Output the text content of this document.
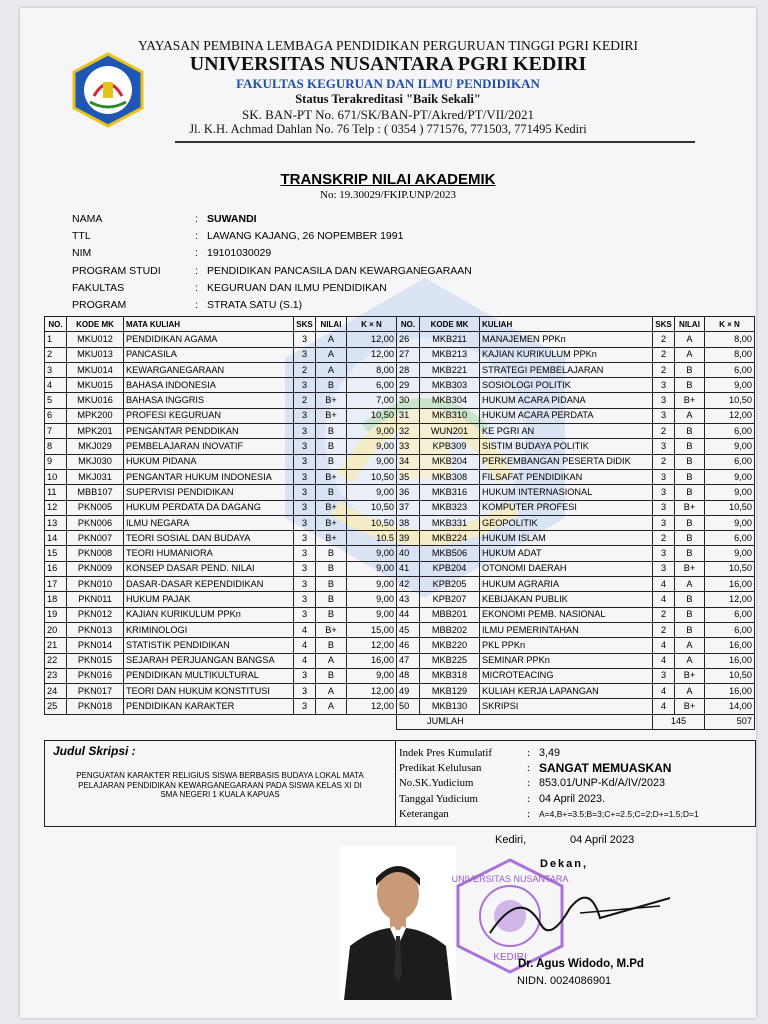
YAYASAN PEMBINA LEMBAGA PENDIDIKAN PERGURUAN TINGGI PGRI KEDIRI
UNIVERSITAS NUSANTARA PGRI KEDIRI
FAKULTAS KEGURUAN DAN ILMU PENDIDIKAN
Status Terakreditasi "Baik Sekali"
SK. BAN-PT No. 671/SK/BAN-PT/Akred/PT/VII/2021
Jl. K.H. Achmad Dahlan No. 76 Telp : ( 0354 ) 771576, 771503, 771495 Kediri
TRANSKRIP NILAI AKADEMIK
No: 19.30029/FKIP.UNP/2023
NAMA	: SUWANDI
TTL	: LAWANG KAJANG, 26 NOPEMBER 1991
NIM	: 19101030029
PROGRAM STUDI	: PENDIDIKAN PANCASILA DAN KEWARGANEGARAAN
FAKULTAS	: KEGURUAN DAN ILMU PENDIDIKAN
PROGRAM	: STRATA SATU (S.1)
NO.	KODE MK	MATA KULIAH	SKS	NILAI	K × N
1	MKU012	PENDIDIKAN AGAMA	3	A	12,00
2	MKU013	PANCASILA	3	A	12,00
3	MKU014	KEWARGANEGARAAN	2	A	8,00
4	MKU015	BAHASA INDONESIA	3	B	6,00
5	MKU016	BAHASA INGGRIS	2	B+	7,00
6	MPK200	PROFESI KEGURUAN	3	B+	10,50
7	MPK201	PENGANTAR PENDDIKAN	3	B	9,00
8	MKJ029	PEMBELAJARAN INOVATIF	3	B	9,00
9	MKJ030	HUKUM PIDANA	3	B	9,00
10	MKJ031	PENGANTAR HUKUM INDONESIA	3	B+	10,50
11	MBB107	SUPERVISI PENDIDIKAN	3	B	9,00
12	PKN005	HUKUM PERDATA DA DAGANG	3	B+	10,50
13	PKN006	ILMU NEGARA	3	B+	10,50
14	PKN007	TEORI SOSIAL DAN BUDAYA	3	B+	10.5
15	PKN008	TEORI HUMANIORA	3	B	9,00
16	PKN009	KONSEP DASAR PEND. NILAI	3	B	9,00
17	PKN010	DASAR-DASAR KEPENDIDIKAN	3	B	9,00
18	PKN011	HUKUM PAJAK	3	B	9,00
19	PKN012	KAJIAN KURIKULUM PPKn	3	B	9,00
20	PKN013	KRIMINOLOGI	4	B+	15,00
21	PKN014	STATISTIK PENDIDIKAN	4	B	12,00
22	PKN015	SEJARAH PERJUANGAN BANGSA	4	A	16,00
23	PKN016	PENDIDIKAN MULTIKULTURAL	3	B	9,00
24	PKN017	TEORI DAN HUKUM KONSTITUSI	3	A	12,00
25	PKN018	PENDIDIKAN KARAKTER	3	A	12,00
NO.	KODE MK	KULIAH	SKS	NILAI	K × N
26	MKB211	MANAJEMEN PPKn	2	A	8,00
27	MKB213	KAJIAN KURIKULUM PPKn	2	A	8,00
28	MKB221	STRATEGI PEMBELAJARAN	2	B	6,00
29	MKB303	SOSIOLOGI POLITIK	3	B	9,00
30	MKB304	HUKUM ACARA PIDANA	3	B+	10,50
31	MKB310	HUKUM ACARA PERDATA	3	A	12,00
32	WUN201	KE PGRI AN	2	B	6,00
33	KPB309	SISTIM BUDAYA POLITIK	3	B	9,00
34	MKB204	PERKEMBANGAN PESERTA DIDIK	2	B	6,00
35	MKB308	FILSAFAT PENDIDIKAN	3	B	9,00
36	MKB316	HUKUM INTERNASIONAL	3	B	9,00
37	MKB323	KOMPUTER PROFESI	3	B+	10,50
38	MKB331	GEOPOLITIK	3	B	9,00
39	MKB224	HUKUM ISLAM	2	B	6,00
40	MKB506	HUKUM ADAT	3	B	9,00
41	KPB204	OTONOMI DAERAH	3	B+	10,50
42	KPB205	HUKUM AGRARIA	4	A	16,00
43	KPB207	KEBIJAKAN PUBLIK	4	B	12,00
44	MBB201	EKONOMI PEMB. NASIONAL	2	B	6,00
45	MBB202	ILMU PEMERINTAHAN	2	B	6,00
46	MKB220	PKL PPKn	4	A	16,00
47	MKB225	SEMINAR PPKn	4	A	16,00
48	MKB318	MICROTEACING	3	B+	10,50
49	MKB129	KULIAH KERJA LAPANGAN	4	A	16,00
50	MKB130	SKRIPSI	4	B+	14,00
JUMLAH			145		507
Judul Skripsi :
PENGUATAN KARAKTER RELIGIUS SISWA BERBASIS BUDAYA LOKAL MATA PELAJARAN PENDIDIKAN KEWARGANEGARAAN PADA SISWA KELAS XI DI SMA NEGERI 1 KUALA KAPUAS
Indek Pres Kumulatif	: 3,49
Predikat Kelulusan	: SANGAT MEMUASKAN
No.SK.Yudicium	: 853.01/UNP-Kd/A/IV/2023
Tanggal Yudicium	: 04 April 2023.
Keterangan	:	A=4,B+=3.5;B=3;C+=2.5;C=2;D+=1.5;D=1
Kediri,	04 April 2023
Dekan,
UNIVERSITAS NUSANTARA
KEDIRI
Dr. Agus Widodo, M.Pd
NIDN. 0024086901
